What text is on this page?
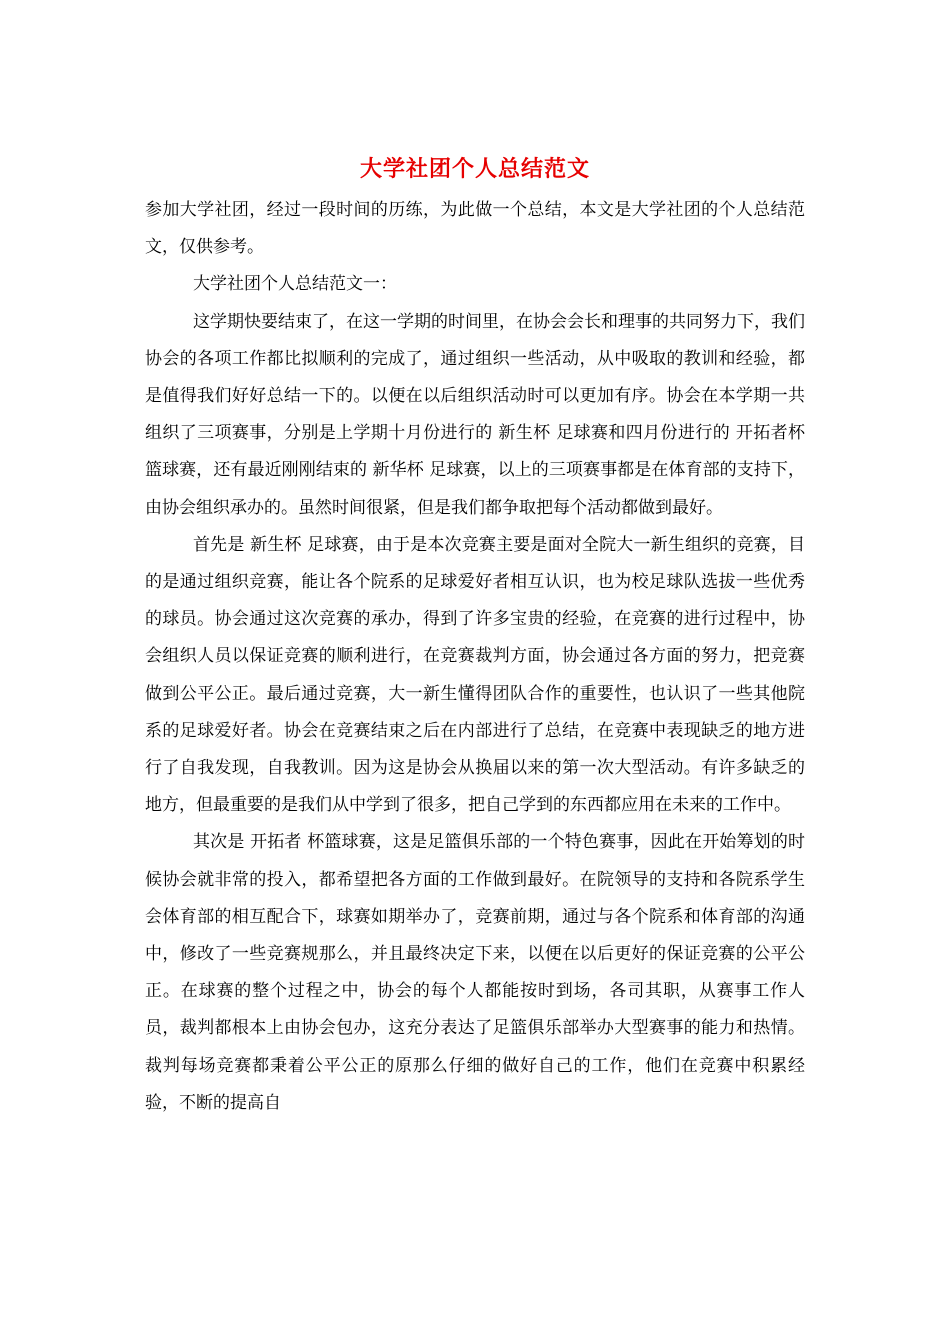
大学社团个人总结范文

参加大学社团，经过一段时间的历练，为此做一个总结，本文是大学社团的个人总结范文，仅供参考。

大学社团个人总结范文一：

这学期快要结束了，在这一学期的时间里，在协会会长和理事的共同努力下，我们协会的各项工作都比拟顺利的完成了，通过组织一些活动，从中吸取的教训和经验，都是值得我们好好总结一下的。以便在以后组织活动时可以更加有序。协会在本学期一共组织了三项赛事，分别是上学期十月份进行的 新生杯 足球赛和四月份进行的 开拓者杯 篮球赛，还有最近刚刚结束的 新华杯 足球赛，以上的三项赛事都是在体育部的支持下，由协会组织承办的。虽然时间很紧，但是我们都争取把每个活动都做到最好。

首先是 新生杯 足球赛，由于是本次竞赛主要是面对全院大一新生组织的竞赛，目的是通过组织竞赛，能让各个院系的足球爱好者相互认识，也为校足球队选拔一些优秀的球员。协会通过这次竞赛的承办，得到了许多宝贵的经验，在竞赛的进行过程中，协会组织人员以保证竞赛的顺利进行，在竞赛裁判方面，协会通过各方面的努力，把竞赛做到公平公正。最后通过竞赛，大一新生懂得团队合作的重要性，也认识了一些其他院系的足球爱好者。协会在竞赛结束之后在内部进行了总结，在竞赛中表现缺乏的地方进行了自我发现，自我教训。因为这是协会从换届以来的第一次大型活动。有许多缺乏的地方，但最重要的是我们从中学到了很多，把自己学到的东西都应用在未来的工作中。

其次是 开拓者 杯篮球赛，这是足篮俱乐部的一个特色赛事，因此在开始筹划的时候协会就非常的投入，都希望把各方面的工作做到最好。在院领导的支持和各院系学生会体育部的相互配合下，球赛如期举办了，竞赛前期，通过与各个院系和体育部的沟通中，修改了一些竞赛规那么，并且最终决定下来，以便在以后更好的保证竞赛的公平公正。在球赛的整个过程之中，协会的每个人都能按时到场，各司其职，从赛事工作人员，裁判都根本上由协会包办，这充分表达了足篮俱乐部举办大型赛事的能力和热情。裁判每场竞赛都秉着公平公正的原那么仔细的做好自己的工作，他们在竞赛中积累经验，不断的提高自
